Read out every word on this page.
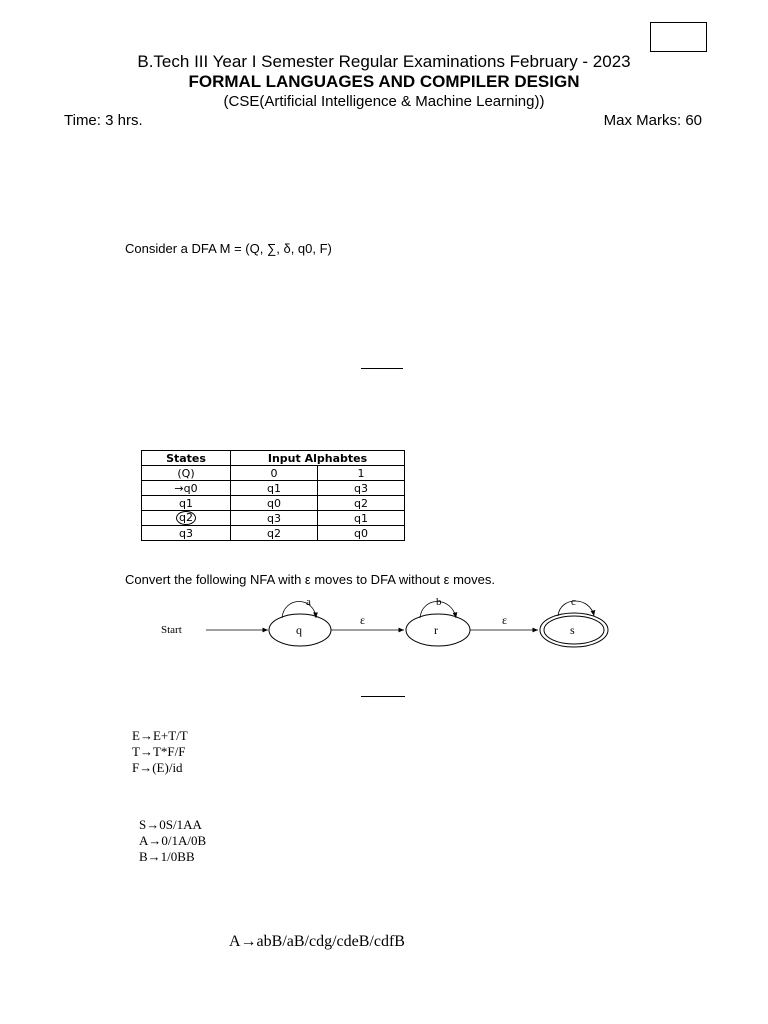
B.Tech III Year I Semester Regular Examinations February - 2023
FORMAL LANGUAGES AND COMPILER DESIGN
(CSE(Artificial Intelligence & Machine Learning))
Time: 3 hrs.	Max Marks: 60
Consider a DFA M = (Q, ∑, δ, q0, F)
States	Input Alphabtes	
(Q)	0	1
→q0	q1	q3
q1	q0	q2
q2	q3	q1
q3	q2	q0
Convert the following NFA with ε moves to DFA without ε moves.
Start	q
a
ε
r
b
ε
s
c
E→E+T/T
T→T*F/F
F→(E)/id
S→0S/1AA
A→0/1A/0B
B→1/0BB
A→abB/aB/cdg/cdeB/cdfB
